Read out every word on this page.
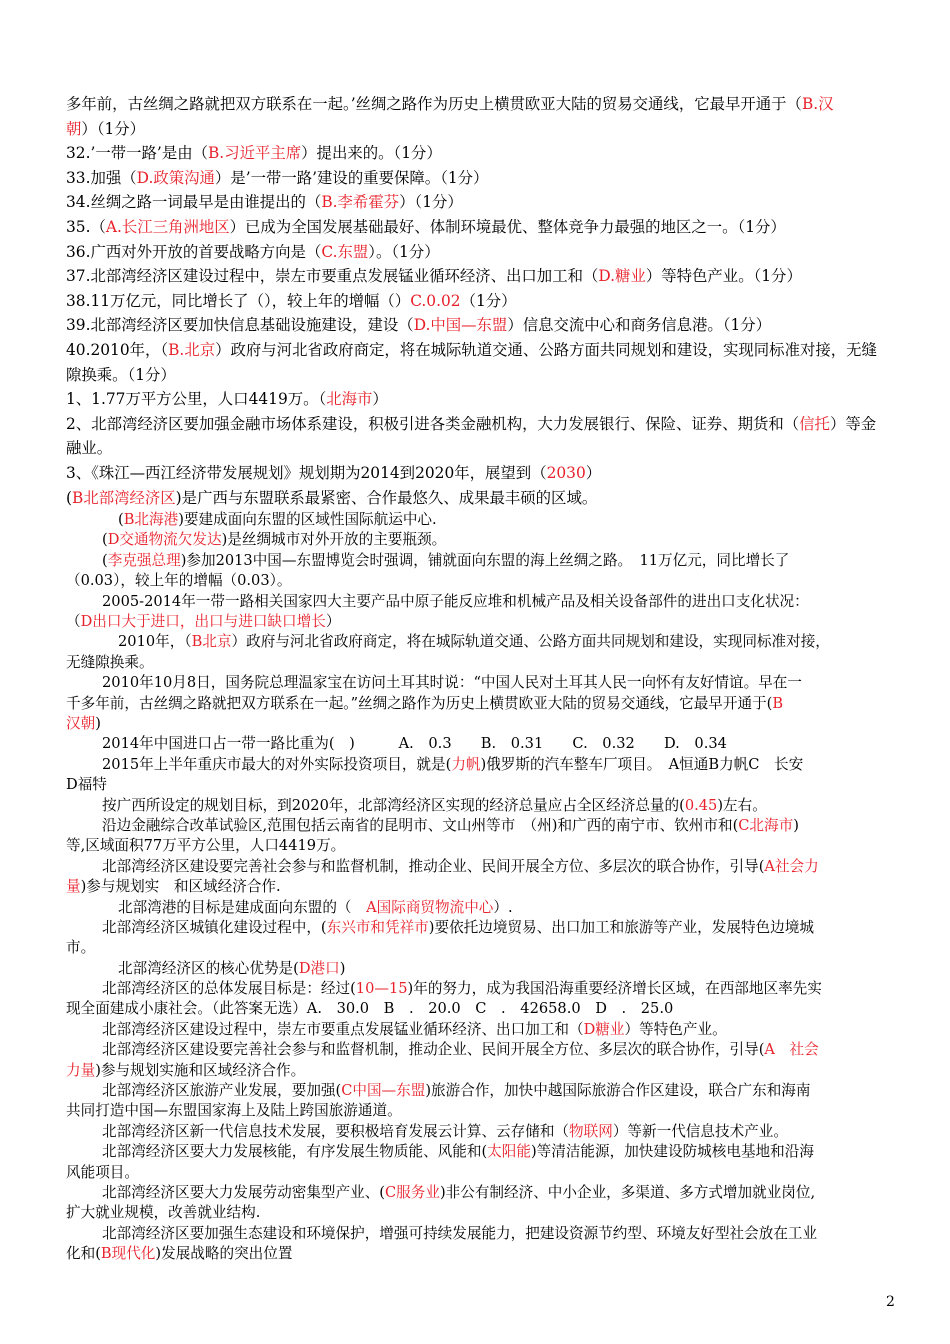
多年前，古丝绸之路就把双方联系在一起。’丝绸之路作为历史上横贯欧亚大陆的贸易交通线，它最早开通于（B.汉
朝）（1分）
32.’一带一路’是由（B.习近平主席）提出来的。（1分）
33.加强（D.政策沟通）是’一带一路’建设的重要保障。（1分）
34.丝绸之路一词最早是由谁提出的（B.李希霍芬）（1分）
35.（A.长江三角洲地区）已成为全国发展基础最好、体制环境最优、整体竞争力最强的地区之一。（1分）
36.广西对外开放的首要战略方向是（C.东盟）。（1分）
37.北部湾经济区建设过程中，崇左市要重点发展锰业循环经济、出口加工和（D.糖业）等特色产业。（1分）
38.11万亿元，同比增长了（），较上年的增幅（）C.0.02（1分）
39.北部湾经济区要加快信息基础设施建设，建设（D.中国—东盟）信息交流中心和商务信息港。（1分）
40.2010年，（B.北京）政府与河北省政府商定，将在城际轨道交通、公路方面共同规划和建设，实现同标准对接，无缝
隙换乘。（1分）
1、1.77万平方公里，人口4419万。（北海市）
2、北部湾经济区要加强金融市场体系建设，积极引进各类金融机构，大力发展银行、保险、证券、期货和（信托）等金
融业。
3、《珠江—西江经济带发展规划》规划期为2014到2020年，展望到（2030）
(B北部湾经济区)是广西与东盟联系最紧密、合作最悠久、成果最丰硕的区域。
(B北海港)要建成面向东盟的区域性国际航运中心.
(D交通物流欠发达)是丝绸城市对外开放的主要瓶颈。
(李克强总理)参加2013中国—东盟博览会时强调，铺就面向东盟的海上丝绸之路。　11万亿元，同比增长了
（0.03），较上年的增幅（0.03）。
2005-2014年一带一路相关国家四大主要产品中原子能反应堆和机械产品及相关设备部件的进出口支化状况：
（D出口大于进口，出口与进口缺口增长）
2010年，（B北京）政府与河北省政府商定，将在城际轨道交通、公路方面共同规划和建设，实现同标准对接，
无缝隙换乘。
2010年10月8日，国务院总理温家宝在访问土耳其时说：“中国人民对土耳其人民一向怀有友好情谊。早在一
千多年前，古丝绸之路就把双方联系在一起。”丝绸之路作为历史上横贯欧亚大陆的贸易交通线，它最早开通于(B
汉朝)
2014年中国进口占一带一路比重为(　)　　　A.　0.3　　B.　0.31　　C.　0.32　　D.　0.34
2015年上半年重庆市最大的对外实际投资项目，就是(力帆)俄罗斯的汽车整车厂项目。　A恒通B力帆C　长安
D福特
按广西所设定的规划目标，到2020年，北部湾经济区实现的经济总量应占全区经济总量的(0.45)左右。
沿边金融综合改革试验区,范围包括云南省的昆明市、文山州等市　（州)和广西的南宁市、钦州市和(C北海市)
等,区域面积77万平方公里，人口4419万。
北部湾经济区建设要完善社会参与和监督机制，推动企业、民间开展全方位、多层次的联合协作，引导(A社会力
量)参与规划实　和区域经济合作.
北部湾港的目标是建成面向东盟的（　A国际商贸物流中心）.
北部湾经济区城镇化建设过程中，(东兴市和凭祥市)要依托边境贸易、出口加工和旅游等产业，发展特色边境城
市。
北部湾经济区的核心优势是(D港口)
北部湾经济区的总体发展目标是：经过(10—15)年的努力，成为我国沿海重要经济增长区域，在西部地区率先实
现全面建成小康社会。（此答案无选）A.　30.0　B　.　20.0　C　.　42658.0　D　.　25.0
北部湾经济区建设过程中，崇左市要重点发展锰业循环经济、出口加工和（D糖业）等特色产业。
北部湾经济区建设要完善社会参与和监督机制，推动企业、民间开展全方位、多层次的联合协作，引导(A　社会
力量)参与规划实施和区域经济合作。
北部湾经济区旅游产业发展，要加强(C中国—东盟)旅游合作，加快中越国际旅游合作区建设，联合广东和海南
共同打造中国—东盟国家海上及陆上跨国旅游通道。
北部湾经济区新一代信息技术发展，要积极培育发展云计算、云存储和（物联网）等新一代信息技术产业。
北部湾经济区要大力发展核能，有序发展生物质能、风能和(太阳能)等清洁能源，加快建设防城核电基地和沿海
风能项目。
北部湾经济区要大力发展劳动密集型产业、(C服务业)非公有制经济、中小企业，多渠道、多方式增加就业岗位,
扩大就业规模，改善就业结构.
北部湾经济区要加强生态建设和环境保护，增强可持续发展能力，把建设资源节约型、环境友好型社会放在工业
化和(B现代化)发展战略的突出位置
2
